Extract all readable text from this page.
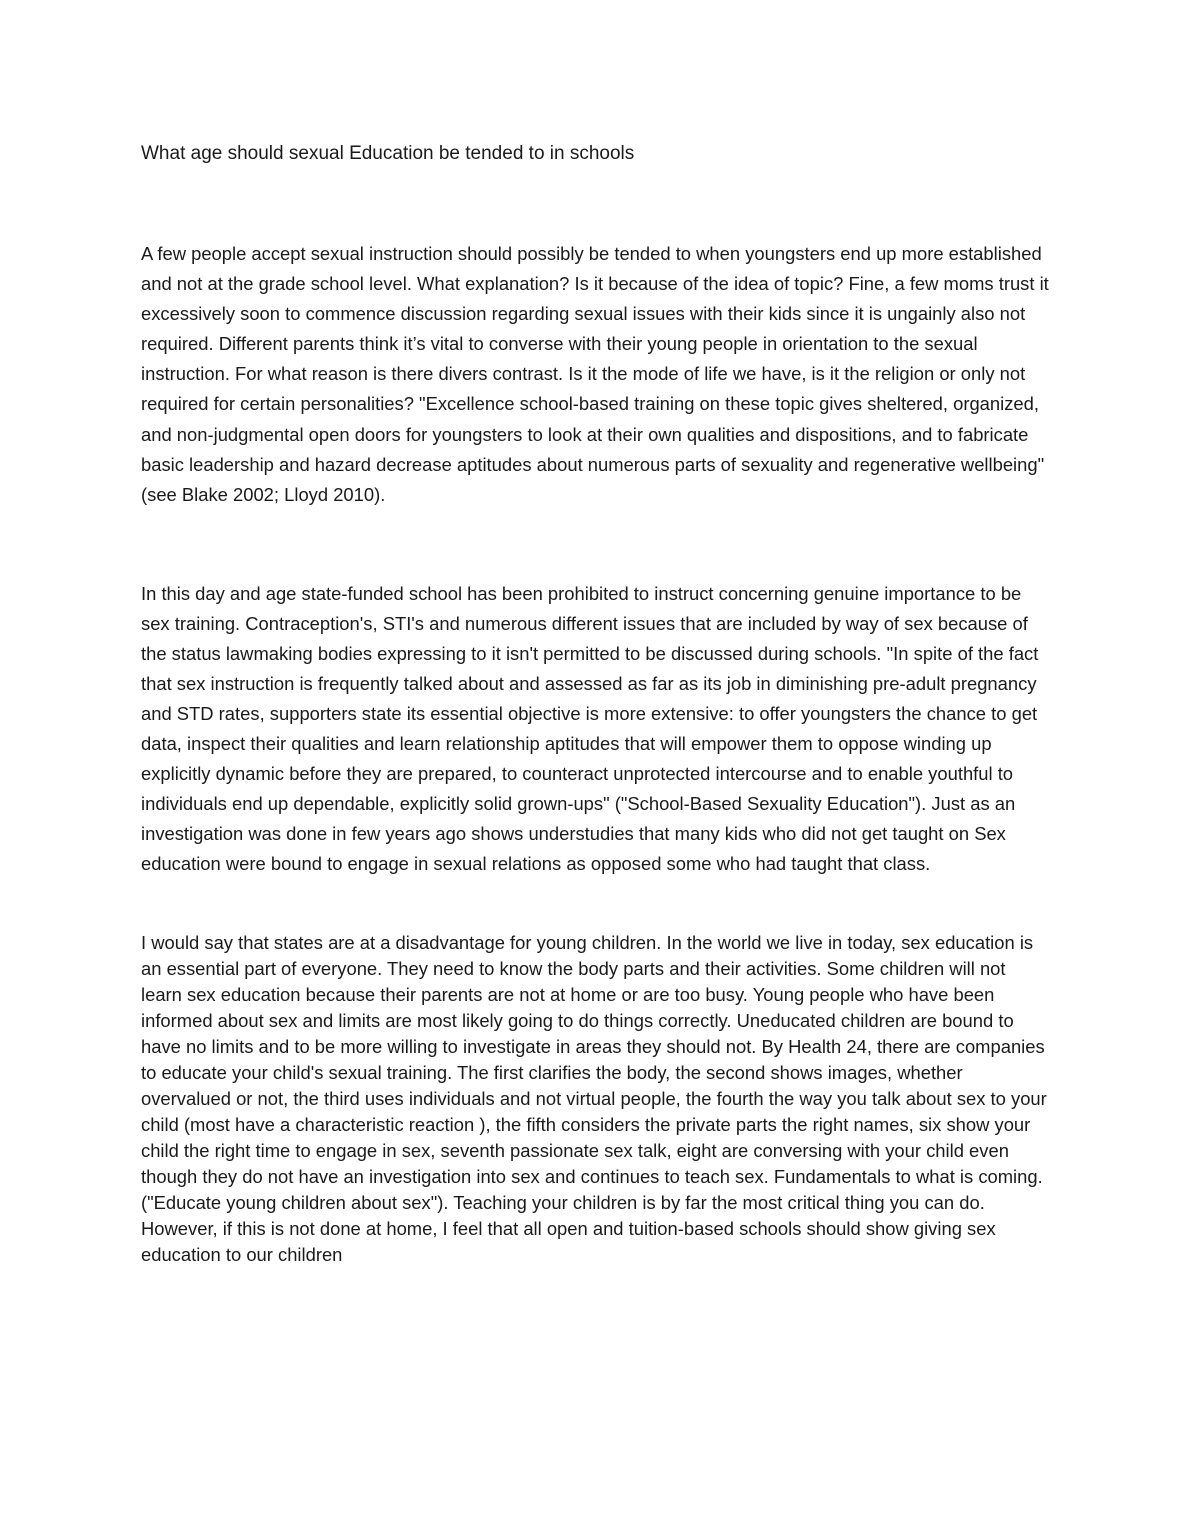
What age should sexual Education be tended to in schools

A few people accept sexual instruction should possibly be tended to when youngsters end up more established and not at the grade school level. What explanation? Is it because of the idea of topic? Fine, a few moms trust it excessively soon to commence discussion regarding sexual issues with their kids since it is ungainly also not required. Different parents think it’s vital to converse with their young people in orientation to the sexual instruction. For what reason is there divers contrast. Is it the mode of life we have, is it the religion or only not required for certain personalities? "Excellence school-based training on these topic gives sheltered, organized, and non-judgmental open doors for youngsters to look at their own qualities and dispositions, and to fabricate basic leadership and hazard decrease aptitudes about numerous parts of sexuality and regenerative wellbeing" (see Blake 2002; Lloyd 2010).

In this day and age state-funded school has been prohibited to instruct concerning genuine importance to be sex training. Contraception's, STI's and numerous different issues that are included by way of sex because of the status lawmaking bodies expressing to it isn't permitted to be discussed during schools. "In spite of the fact that sex instruction is frequently talked about and assessed as far as its job in diminishing pre-adult pregnancy and STD rates, supporters state its essential objective is more extensive: to offer youngsters the chance to get data, inspect their qualities and learn relationship aptitudes that will empower them to oppose winding up explicitly dynamic before they are prepared, to counteract unprotected intercourse and to enable youthful to individuals end up dependable, explicitly solid grown-ups" ("School-Based Sexuality Education"). Just as an investigation was done in few years ago shows understudies that many kids who did not get taught on Sex education were bound to engage in sexual relations as opposed some who had taught that class.

I would say that states are at a disadvantage for young children. In the world we live in today, sex education is an essential part of everyone. They need to know the body parts and their activities. Some children will not learn sex education because their parents are not at home or are too busy. Young people who have been informed about sex and limits are most likely going to do things correctly. Uneducated children are bound to have no limits and to be more willing to investigate in areas they should not. By Health 24, there are companies to educate your child's sexual training. The first clarifies the body, the second shows images, whether overvalued or not, the third uses individuals and not virtual people, the fourth the way you talk about sex to your child (most have a characteristic reaction ), the fifth considers the private parts the right names, six show your child the right time to engage in sex, seventh passionate sex talk, eight are conversing with your child even though they do not have an investigation into sex and continues to teach sex. Fundamentals to what is coming. ("Educate young children about sex"). Teaching your children is by far the most critical thing you can do. However, if this is not done at home, I feel that all open and tuition-based schools should show giving sex education to our children
